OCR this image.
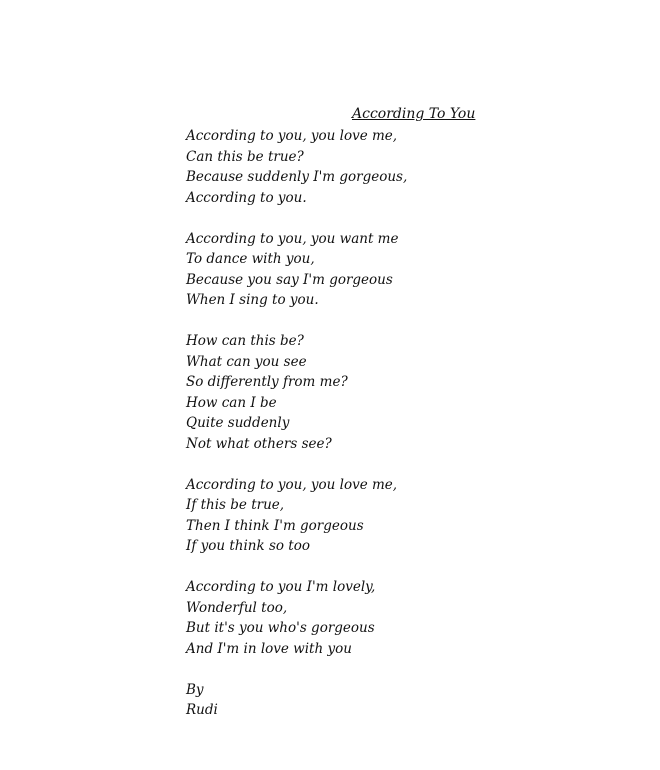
According To You
According to you, you love me,
Can this be true?
Because suddenly I'm gorgeous,
According to you.
According to you, you want me
To dance with you,
Because you say I'm gorgeous
When I sing to you.
How can this be?
What can you see
So differently from me?
How can I be
Quite suddenly
Not what others see?
According to you, you love me,
If this be true,
Then I think I'm gorgeous
If you think so too
According to you I'm lovely,
Wonderful too,
But it's you who's gorgeous
And I'm in love with you
By
Rudi
